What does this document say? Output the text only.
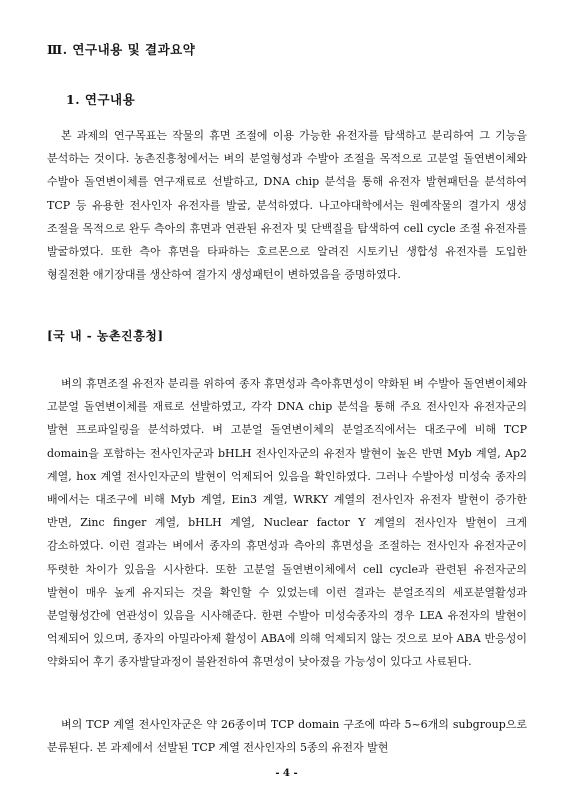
Ⅲ. 연구내용 및 결과요약
1. 연구내용
본 과제의 연구목표는 작물의 휴면 조절에 이용 가능한 유전자를 탐색하고 분리하여 그 기능을 분석하는 것이다. 농촌진흥청에서는 벼의 분얼형성과 수발아 조절을 목적으로 고분얼 돌연변이체와 수발아 돌연변이체를 연구재료로 선발하고, DNA chip 분석을 통해 유전자 발현패턴을 분석하여 TCP 등 유용한 전사인자 유전자를 발굴, 분석하였다. 나고야대학에서는 원예작물의 결가지 생성 조절을 목적으로 완두 측아의 휴면과 연관된 유전자 및 단백질을 탐색하여 cell cycle 조절 유전자를 발굴하였다. 또한 측아 휴면을 타파하는 호르몬으로 알려진 시토키닌 생합성 유전자를 도입한 형질전환 애기장대를 생산하여 결가지 생성패턴이 변하였음을 증명하였다.
[국 내 - 농촌진흥청]
벼의 휴면조절 유전자 분리를 위하여 종자 휴면성과 측아휴면성이 약화된 벼 수발아 돌연변이체와 고분얼 돌연변이체를 재료로 선발하였고, 각각 DNA chip 분석을 통해 주요 전사인자 유전자군의 발현 프로파일링을 분석하였다. 벼 고분얼 돌연변이체의 분얼조직에서는 대조구에 비해 TCP domain을 포함하는 전사인자군과 bHLH 전사인자군의 유전자 발현이 높은 반면 Myb 계열, Ap2 계열, hox 계열 전사인자군의 발현이 억제되어 있음을 확인하였다. 그러나 수발아성 미성숙 종자의 배에서는 대조구에 비해 Myb 계열, Ein3 계열, WRKY 계열의 전사인자 유전자 발현이 증가한 반면, Zinc finger 계열, bHLH 계열, Nuclear factor Y 계열의 전사인자 발현이 크게 감소하였다. 이런 결과는 벼에서 종자의 휴면성과 측아의 휴면성을 조절하는 전사인자 유전자군이 뚜렷한 차이가 있음을 시사한다. 또한 고분얼 돌연변이체에서 cell cycle과 관련된 유전자군의 발현이 매우 높게 유지되는 것을 확인할 수 있었는데 이런 결과는 분얼조직의 세포분열활성과 분얼형성간에 연관성이 있음을 시사해준다. 한편 수발아 미성숙종자의 경우 LEA 유전자의 발현이 억제되어 있으며, 종자의 아밀라아제 활성이 ABA에 의해 억제되지 않는 것으로 보아 ABA 반응성이 약화되어 후기 종자발달과정이 불완전하여 휴면성이 낮아졌을 가능성이 있다고 사료된다.
벼의 TCP 계열 전사인자군은 약 26종이며 TCP domain 구조에 따라 5~6개의 subgroup으로 분류된다. 본 과제에서 선발된 TCP 계열 전사인자의 5종의 유전자 발현
- 4 -
